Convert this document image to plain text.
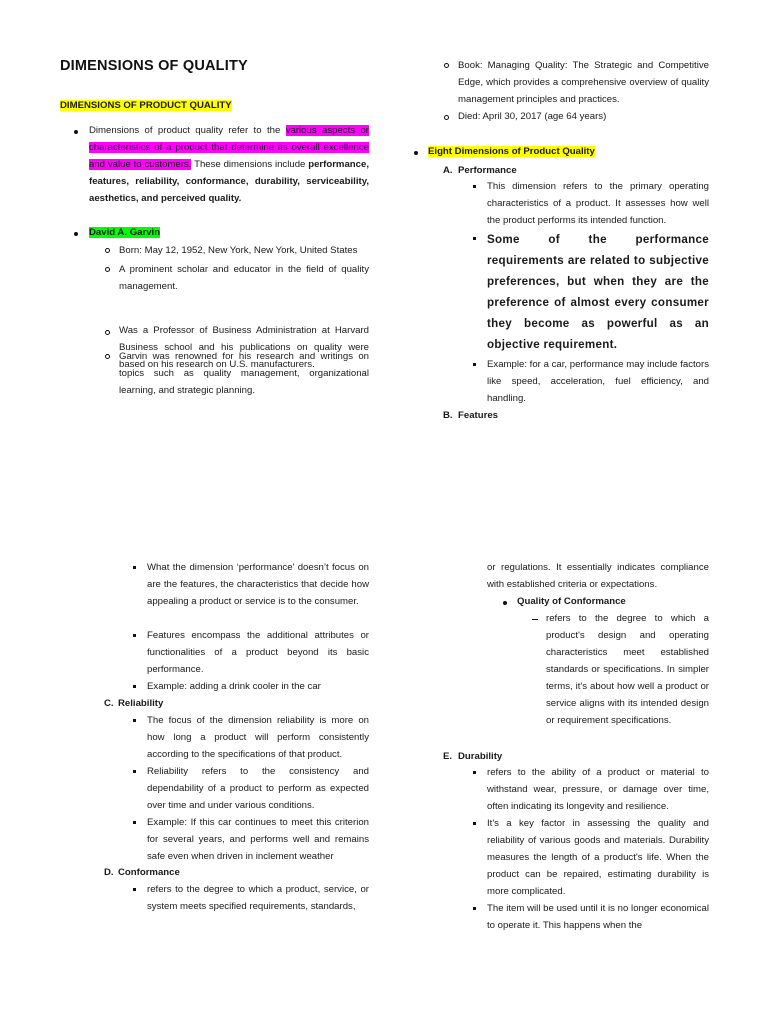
DIMENSIONS OF QUALITY
DIMENSIONS OF PRODUCT QUALITY

Dimensions of product quality refer to the various aspects or characteristics of a product that determine its overall excellence and value to customers. These dimensions include performance, features, reliability, conformance, durability, serviceability, aesthetics, and perceived quality.

David A. Garvin

Born: May 12, 1952, New York, New York, United States

A prominent scholar and educator in the field of quality management.

Was a Professor of Business Administration at Harvard Business school and his publications on quality were based on his research on U.S. manufacturers.

Garvin was renowned for his research and writings on topics such as quality management, organizational learning, and strategic planning.

Book: Managing Quality: The Strategic and Competitive Edge, which provides a comprehensive overview of quality management principles and practices.

Died: April 30, 2017 (age 64 years)

Eight Dimensions of Product Quality
A. Performance

This dimension refers to the primary operating characteristics of a product. It assesses how well the product performs its intended function.

Some of the performance requirements are related to subjective preferences, but when they are the preference of almost every consumer they become as powerful as an objective requirement.

Example: for a car, performance may include factors like speed, acceleration, fuel efficiency, and handling.

B. Features

What the dimension ‘performance’ doesn’t focus on are the features, the characteristics that decide how appealing a product or service is to the consumer.

Features encompass the additional attributes or functionalities of a product beyond its basic performance.

Example: adding a drink cooler in the car

C. Reliability

The focus of the dimension reliability is more on how long a product will perform consistently according to the specifications of that product.

Reliability refers to the consistency and dependability of a product to perform as expected over time and under various conditions.

Example: If this car continues to meet this criterion for several years, and performs well and remains safe even when driven in inclement weather

D. Conformance

refers to the degree to which a product, service, or system meets specified requirements, standards,

or regulations. It essentially indicates compliance with established criteria or expectations.

Quality of Conformance

refers to the degree to which a product's design and operating characteristics meet established standards or specifications. In simpler terms, it's about how well a product or service aligns with its intended design or requirement specifications.

E. Durability

refers to the ability of a product or material to withstand wear, pressure, or damage over time, often indicating its longevity and resilience.

It's a key factor in assessing the quality and reliability of various goods and materials. Durability measures the length of a product's life. When the product can be repaired, estimating durability is more complicated.

The item will be used until it is no longer economical to operate it. This happens when the
